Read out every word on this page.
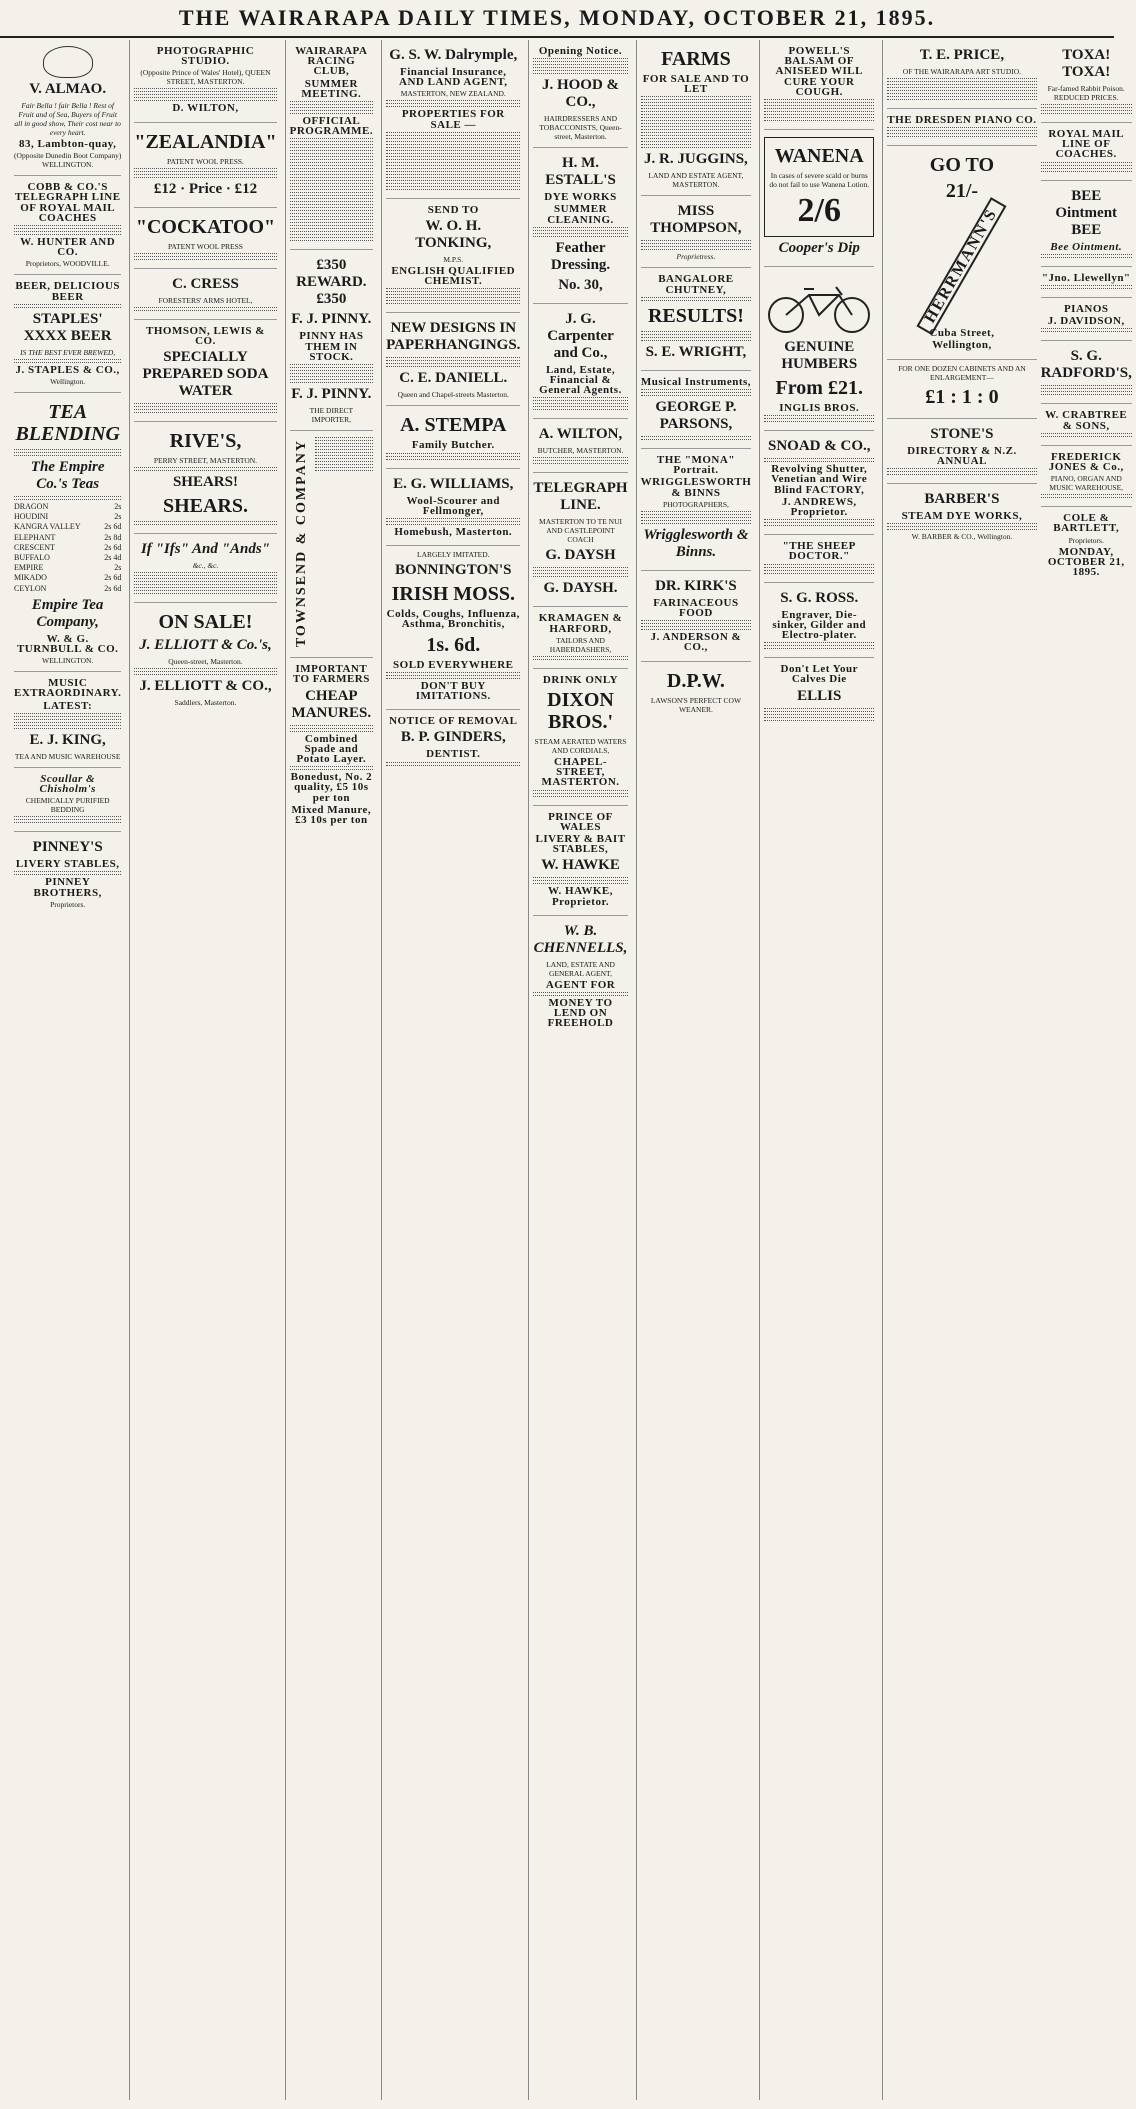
THE WAIRARAPA DAILY TIMES, MONDAY, OCTOBER 21, 1895.
V. ALMAO.
Fair Bella ! fair Bella ! Rest of Fruit and of Sea, Buyers of Fruit all in good show, Their cost near to every heart.
83, Lambton-quay,
(Opposite Dunedin Boot Company) WELLINGTON.
COBB & CO.'S TELEGRAPH LINE OF ROYAL MAIL COACHES
W. HUNTER AND CO.
Proprietors, WOODVILLE.
BEER, DELICIOUS BEER
STAPLES' XXXX BEER
IS THE BEST EVER BREWED,
J. STAPLES & CO.,
Wellington.
TEA BLENDING
The Empire Co.'s Teas
DRAGON	2s
HOUDINI	2s
KANGRA VALLEY	2s 6d
ELEPHANT	2s 8d
CRESCENT	2s 6d
BUFFALO	2s 4d
EMPIRE	2s
MIKADO	2s 6d
CEYLON	2s 6d
Empire Tea Company,
W. & G. TURNBULL & CO.
WELLINGTON.
MUSIC EXTRAORDINARY.
LATEST:
E. J. KING,
TEA AND MUSIC WAREHOUSE
Scoullar & Chisholm's
CHEMICALLY PURIFIED BEDDING
PINNEY'S
LIVERY STABLES,
PINNEY BROTHERS,
Proprietors.
PHOTOGRAPHIC STUDIO.
(Opposite Prince of Wales' Hotel), QUEEN STREET, MASTERTON.
D. WILTON,
"ZEALANDIA"
PATENT WOOL PRESS.
£12 · Price · £12
"COCKATOO"
PATENT WOOL PRESS
C. CRESS
FORESTERS' ARMS HOTEL,
THOMSON, LEWIS & CO.
SPECIALLY PREPARED SODA WATER
RIVE'S,
PERRY STREET, MASTERTON.
SHEARS!
SHEARS.
If "Ifs" And "Ands"
&c., &c.
ON SALE!
J. ELLIOTT & Co.'s,
Queen-street, Masterton.
J. ELLIOTT & CO.,
Saddlers, Masterton.
WAIRARAPA RACING CLUB,
SUMMER MEETING.
OFFICIAL PROGRAMME.
£350 REWARD. £350
F. J. PINNY.
PINNY HAS THEM IN STOCK.
F. J. PINNY.
THE DIRECT IMPORTER,
TOWNSEND & COMPANY
IMPORTANT TO FARMERS
CHEAP MANURES.
Combined Spade and Potato Layer.
Bonedust, No. 2 quality, £5 10s per ton
Mixed Manure, £3 10s per ton
G. S. W. Dalrymple,
Financial Insurance, AND LAND AGENT,
MASTERTON, NEW ZEALAND.
PROPERTIES FOR SALE —
SEND TO
W. O. H. TONKING,
M.P.S.
ENGLISH QUALIFIED CHEMIST.
NEW DESIGNS IN PAPERHANGINGS.
C. E. DANIELL.
Queen and Chapel-streets Masterton.
A. STEMPA
Family Butcher.
E. G. WILLIAMS,
Wool-Scourer and Fellmonger,
Homebush, Masterton.
LARGELY IMITATED.
BONNINGTON'S
IRISH MOSS.
Colds, Coughs, Influenza, Asthma, Bronchitis,
1s. 6d.
SOLD EVERYWHERE
DON'T BUY IMITATIONS.
NOTICE OF REMOVAL
B. P. GINDERS,
DENTIST.
Opening Notice.
J. HOOD & CO.,
HAIRDRESSERS AND TOBACCONISTS, Queen-street, Masterton.
H. M. ESTALL'S
DYE WORKS
SUMMER CLEANING.
Feather Dressing.
No. 30,
J. G. Carpenter and Co.,
Land, Estate, Financial & General Agents.
A. WILTON,
BUTCHER, MASTERTON.
TELEGRAPH LINE.
MASTERTON TO TE NUI AND CASTLEPOINT COACH
G. DAYSH
G. DAYSH.
KRAMAGEN & HARFORD,
TAILORS AND HABERDASHERS,
DRINK ONLY
DIXON BROS.'
STEAM AERATED WATERS AND CORDIALS,
CHAPEL-STREET, MASTERTON.
PRINCE OF WALES
LIVERY & BAIT STABLES,
W. HAWKE
W. HAWKE, Proprietor.
W. B. CHENNELLS,
LAND, ESTATE AND GENERAL AGENT,
AGENT FOR
MONEY TO LEND ON FREEHOLD
FARMS
FOR SALE AND TO LET
J. R. JUGGINS,
LAND AND ESTATE AGENT, MASTERTON.
MISS THOMPSON,
Proprietress.
BANGALORE CHUTNEY,
RESULTS!
S. E. WRIGHT,
Musical Instruments,
GEORGE P. PARSONS,
THE "MONA" Portrait.
WRIGGLESWORTH & BINNS
PHOTOGRAPHERS,
Wrigglesworth & Binns.
DR. KIRK'S
FARINACEOUS FOOD
J. ANDERSON & CO.,
D.P.W.
LAWSON'S PERFECT COW WEANER.
POWELL'S BALSAM OF ANISEED WILL CURE YOUR COUGH.
WANENA
In cases of severe scald or burns do not fail to use Wanena Lotion.
2/6
Cooper's Dip
GENUINE HUMBERS
From £21.
INGLIS BROS.
SNOAD & CO.,
Revolving Shutter, Venetian and Wire Blind FACTORY,
J. ANDREWS, Proprietor.
"THE SHEEP DOCTOR."
S. G. ROSS.
Engraver, Die-sinker, Gilder and Electro-plater.
Don't Let Your Calves Die
ELLIS
T. E. PRICE,
OF THE WAIRARAPA ART STUDIO.
THE DRESDEN PIANO CO.
GO TO
21/-
HERRMANN'S
Cuba Street,
Wellington,
FOR ONE DOZEN CABINETS AND AN ENLARGEMENT—
£1 : 1 : 0
STONE'S
DIRECTORY & N.Z. ANNUAL
BARBER'S
STEAM DYE WORKS,
W. BARBER & CO., Wellington.
TOXA! TOXA!
Far-famed Rabbit Poison. REDUCED PRICES.
ROYAL MAIL LINE OF COACHES.
BEE Ointment BEE
Bee Ointment.
"Jno. Llewellyn"
PIANOS
J. DAVIDSON,
S. G. RADFORD'S,
W. CRABTREE & SONS,
FREDERICK JONES & Co.,
PIANO, ORGAN AND MUSIC WAREHOUSE,
COLE & BARTLETT,
Proprietors.
MONDAY, OCTOBER 21, 1895.
